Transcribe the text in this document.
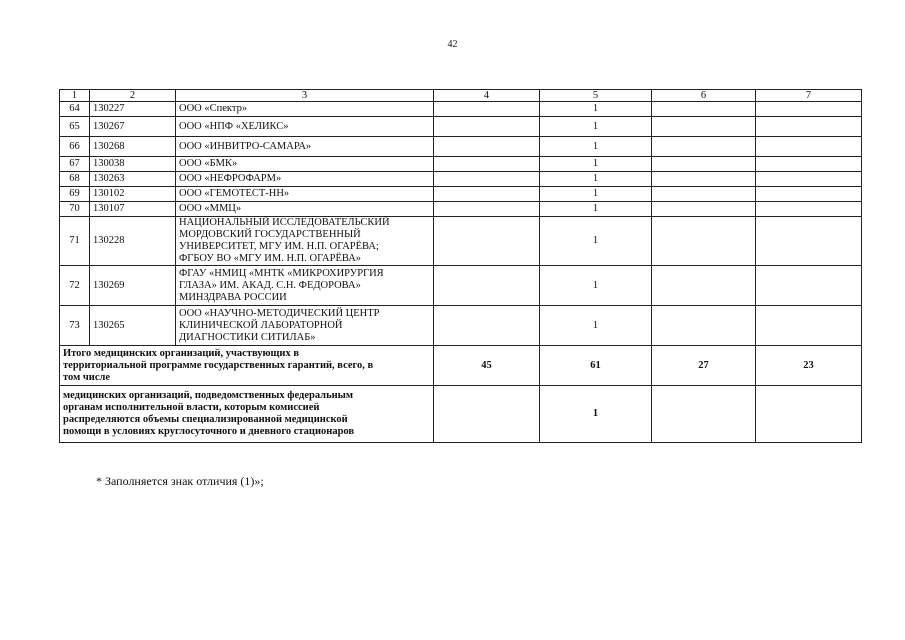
42
1	2	3	4	5	6	7
64	130227	ООО «Спектр»		1		
65	130267	ООО «НПФ «ХЕЛИКС»		1		
66	130268	ООО «ИНВИТРО-САМАРА»		1		
67	130038	ООО «БМК»		1		
68	130263	ООО «НЕФРОФАРМ»		1		
69	130102	ООО «ГЕМОТЕСТ-НН»		1		
70	130107	ООО «ММЦ»		1		
71	130228	НАЦИОНАЛЬНЫЙ ИССЛЕДОВАТЕЛЬСКИЙ
МОРДОВСКИЙ ГОСУДАРСТВЕННЫЙ
УНИВЕРСИТЕТ, МГУ ИМ. Н.П. ОГАРЁВА;
ФГБОУ ВО «МГУ ИМ. Н.П. ОГАРЁВА»		1		
72	130269	ФГАУ «НМИЦ «МНТК «МИКРОХИРУРГИЯ
ГЛАЗА» ИМ. АКАД. С.Н. ФЕДОРОВА»
МИНЗДРАВА РОССИИ		1		
73	130265	ООО «НАУЧНО-МЕТОДИЧЕСКИЙ ЦЕНТР
КЛИНИЧЕСКОЙ ЛАБОРАТОРНОЙ
ДИАГНОСТИКИ СИТИЛАБ»		1		

Итого медицинских организаций, участвующих в
территориальной программе государственных гарантий, всего, в
том числе			45	61	27	23

медицинских организаций, подведомственных федеральным
органам исполнительной власти, которым комиссией
распределяются объемы специализированной медицинской
помощи в условиях круглосуточного и дневного стационаров				1		
* Заполняется знак отличия (1)»;
